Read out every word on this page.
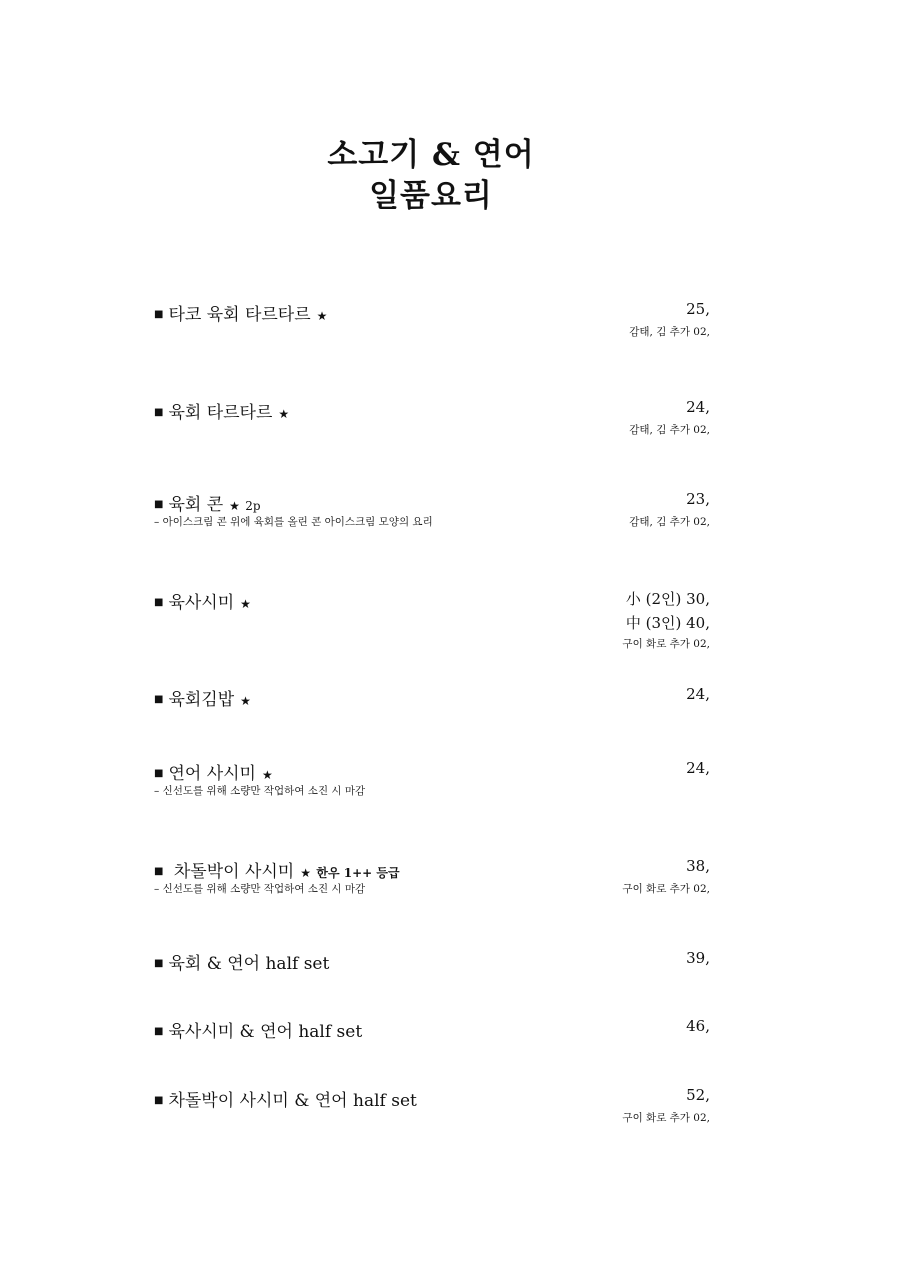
소고기 & 연어
일품요리
■ 타코 육회 타르타르 ★	25,
감태, 김 추가 02,
■ 육회 타르타르 ★	24,
감태, 김 추가 02,
■ 육회 콘 ★ 2p	23,
– 아이스크림 콘 위에 육회를 올린 콘 아이스크림 모양의 요리	감태, 김 추가 02,
■ 육사시미 ★	小 (2인) 30,
中 (3인) 40,
구이 화로 추가 02,
■ 육회김밥 ★	24,
■ 연어 사시미 ★	24,
– 신선도를 위해 소량만 작업하여 소진 시 마감
■ 차돌박이 사시미 ★ 한우 1++ 등급	38,
– 신선도를 위해 소량만 작업하여 소진 시 마감	구이 화로 추가 02,
■ 육회 & 연어 half set	39,
■ 육사시미 & 연어 half set	46,
■ 차돌박이 사시미 & 연어 half set	52,
구이 화로 추가 02,
